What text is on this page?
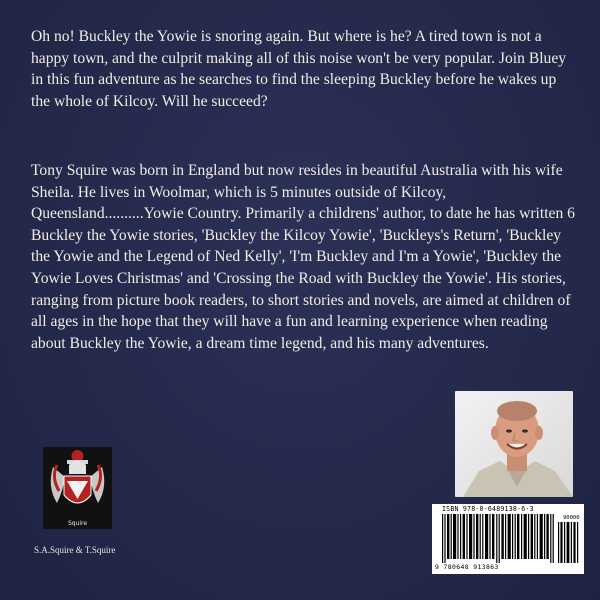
Oh no! Buckley the Yowie is snoring again. But where is he? A tired town is not a happy town, and the culprit making all of this noise won't be very popular. Join Bluey in this fun adventure as he searches to find the sleeping Buckley before he wakes up the whole of Kilcoy. Will he succeed?

Tony Squire was born in England but now resides in beautiful Australia with his wife Sheila. He lives in Woolmar, which is 5 minutes outside of Kilcoy, Queensland..........Yowie Country. Primarily a childrens' author, to date he has written 6 Buckley the Yowie stories, 'Buckley the Kilcoy Yowie', 'Buckleys's Return', 'Buckley the Yowie and the Legend of Ned Kelly', 'I'm Buckley and I'm a Yowie', 'Buckley the Yowie Loves Christmas' and 'Crossing the Road with Buckley the Yowie'. His stories, ranging from picture book readers, to short stories and novels, are aimed at children of all ages in the hope that they will have a fun and learning experience when reading about Buckley the Yowie, a dream time legend, and his many adventures.

Squire
S.A.Squire & T.Squire
ISBN 978-0-6489138-6-3
90000
9 780648 913863
